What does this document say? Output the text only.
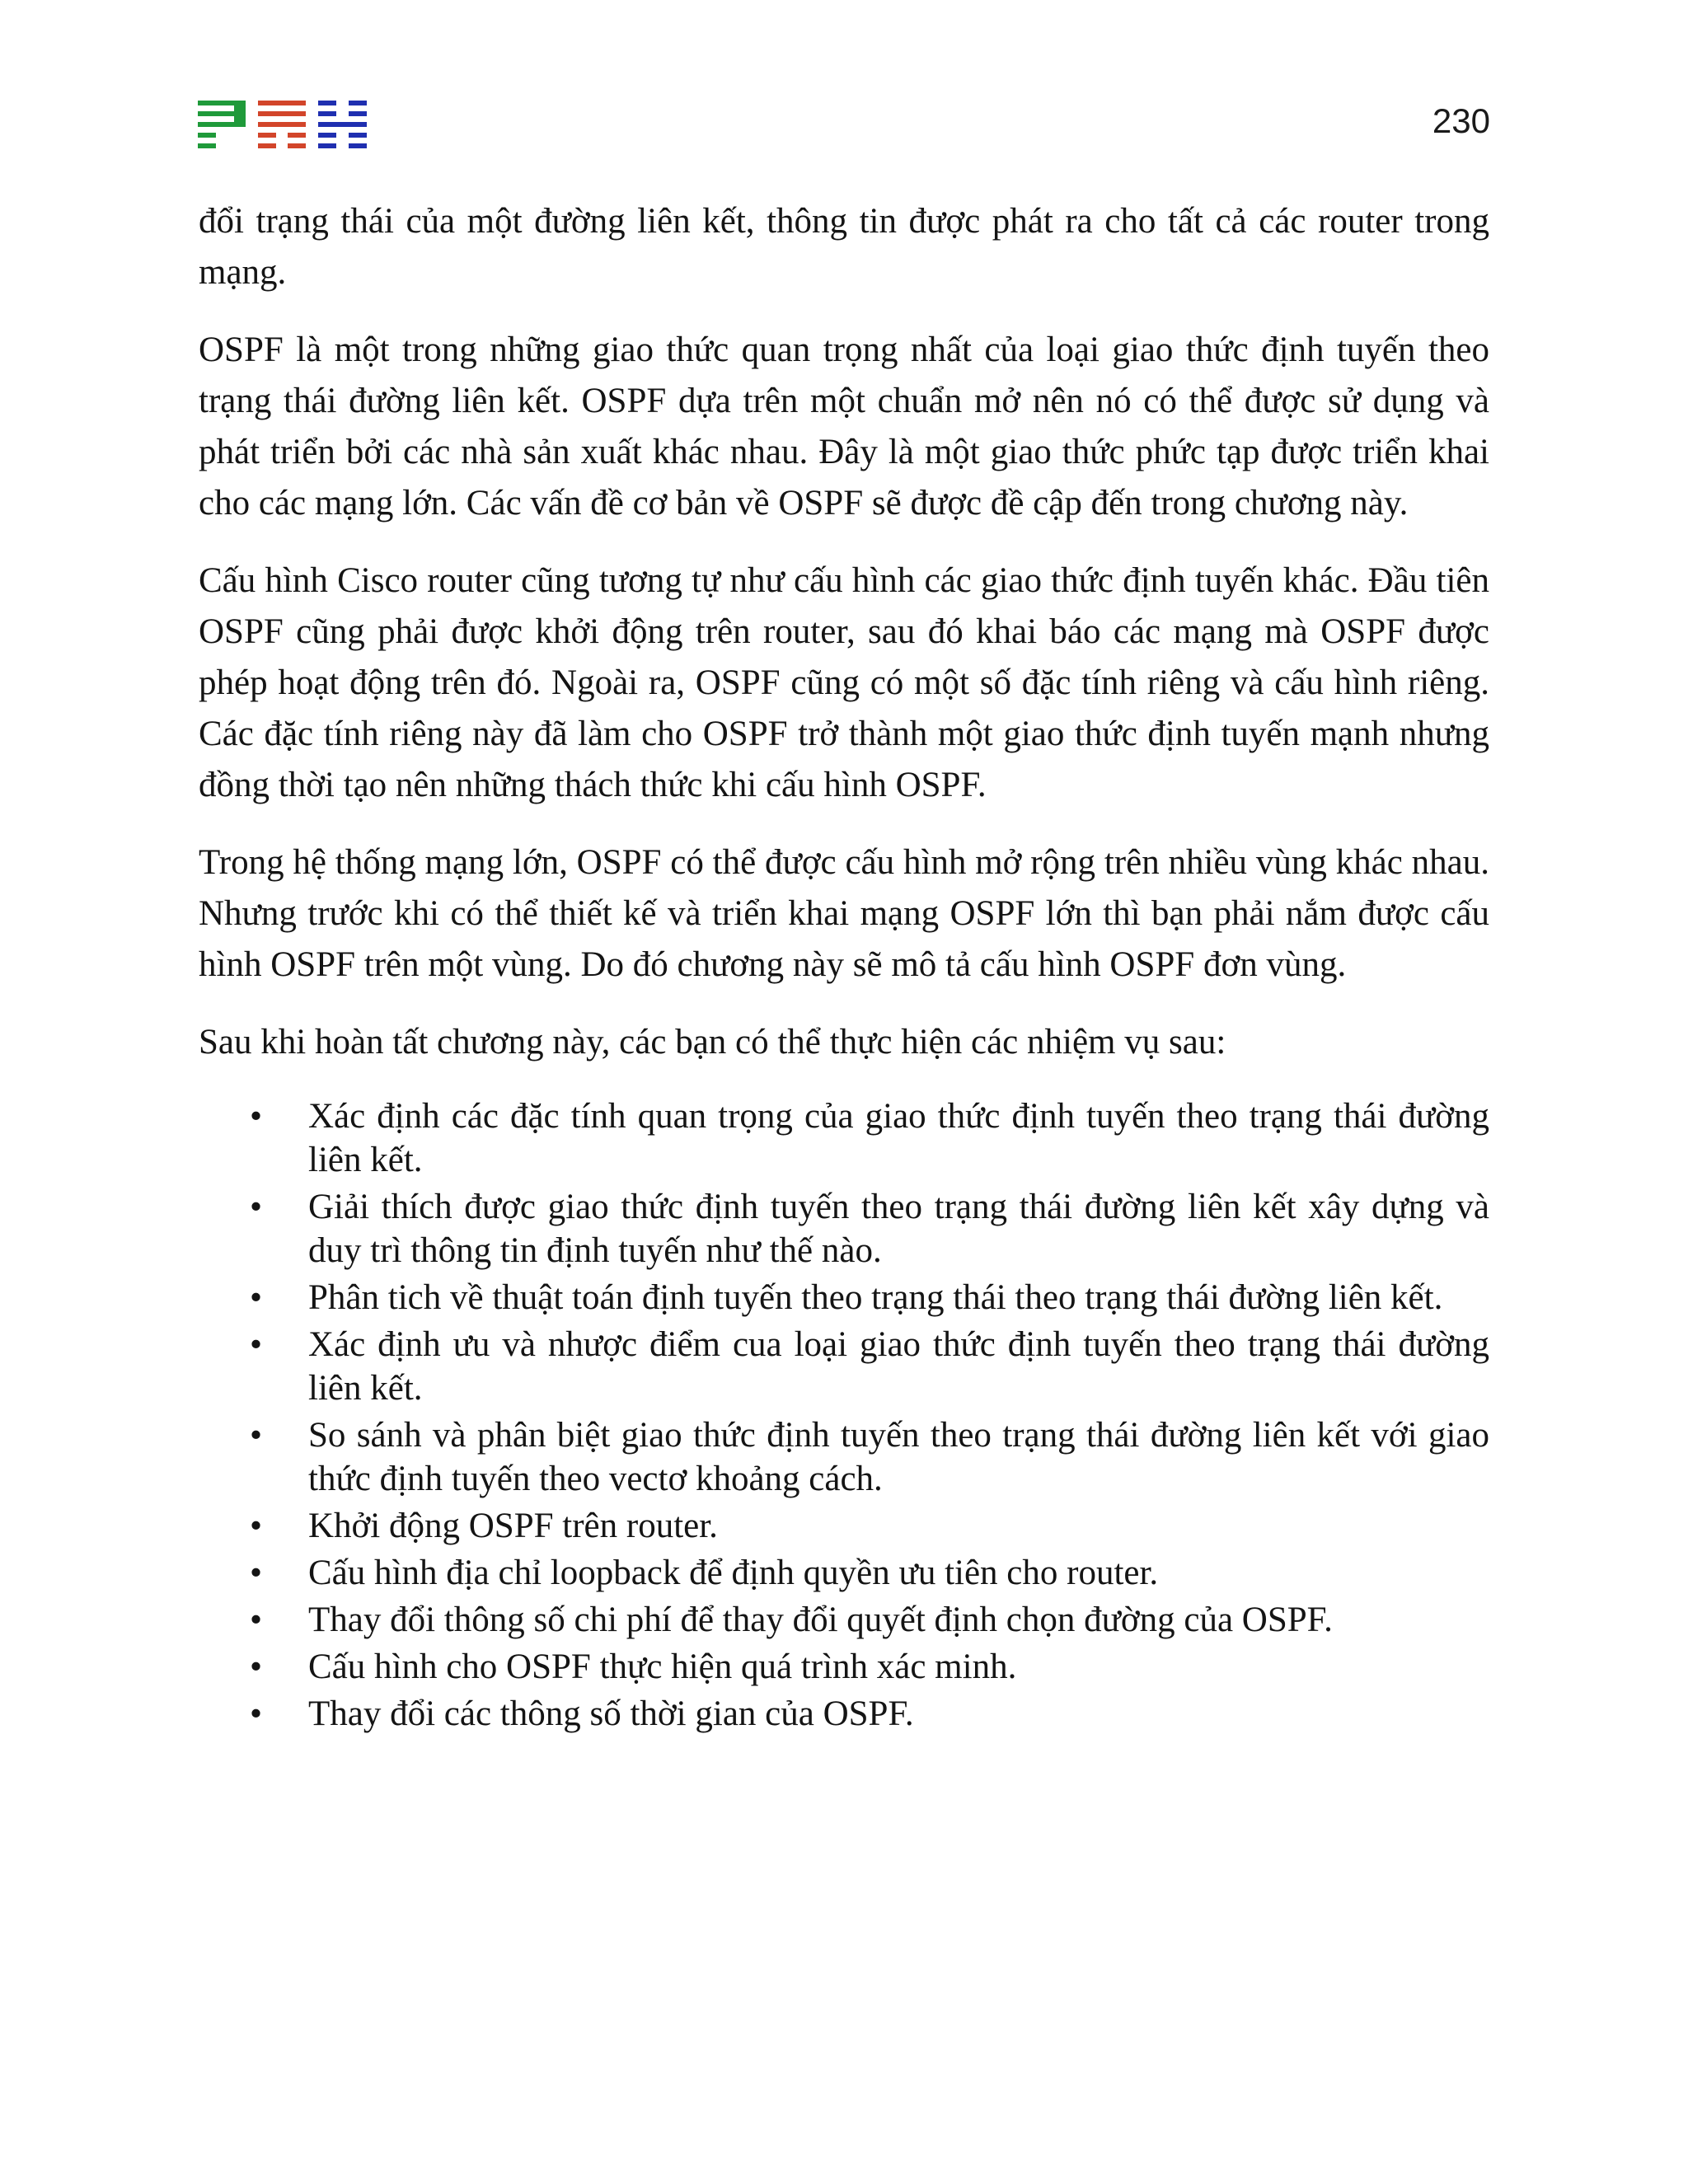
230

đổi trạng thái của một đường liên kết, thông tin được phát ra cho tất cả các router trong mạng.

OSPF là một trong những giao thức quan trọng nhất của loại giao thức định tuyến theo trạng thái đường liên kết. OSPF dựa trên một chuẩn mở nên nó có thể được sử dụng và phát triển bởi các nhà sản xuất khác nhau. Đây là một giao thức phức tạp được triển khai cho các mạng lớn. Các vấn đề cơ bản về OSPF sẽ được đề cập đến trong chương này.

Cấu hình Cisco router cũng tương tự như cấu hình các giao thức định tuyến khác. Đầu tiên OSPF cũng phải được khởi động trên router, sau đó khai báo các mạng mà OSPF được phép hoạt động trên đó. Ngoài ra, OSPF cũng có một số đặc tính riêng và cấu hình riêng. Các đặc tính riêng này đã làm cho OSPF trở thành một giao thức định tuyến mạnh nhưng đồng thời tạo nên những thách thức khi cấu hình OSPF.

Trong hệ thống mạng lớn, OSPF có thể được cấu hình mở rộng trên nhiều vùng khác nhau. Nhưng trước khi có thể thiết kế và triển khai mạng OSPF lớn thì bạn phải nắm được cấu hình OSPF trên một vùng. Do đó chương này sẽ mô tả cấu hình OSPF đơn vùng.

Sau khi hoàn tất chương này, các bạn có thể thực hiện các nhiệm vụ sau:

• Xác định các đặc tính quan trọng của giao thức định tuyến theo trạng thái đường liên kết.
• Giải thích được giao thức định tuyến theo trạng thái đường liên kết xây dựng và duy trì thông tin định tuyến như thế nào.
• Phân tich về thuật toán định tuyến theo trạng thái theo trạng thái đường liên kết.
• Xác định ưu và nhược điểm cua loại giao thức định tuyến theo trạng thái đường liên kết.
• So sánh và phân biệt giao thức định tuyến theo trạng thái đường liên kết với giao thức định tuyến theo vectơ khoảng cách.
• Khởi động OSPF trên router.
• Cấu hình địa chỉ loopback để định quyền ưu tiên cho router.
• Thay đổi thông số chi phí để thay đổi quyết định chọn đường của OSPF.
• Cấu hình cho OSPF thực hiện quá trình xác minh.
• Thay đổi các thông số thời gian của OSPF.
